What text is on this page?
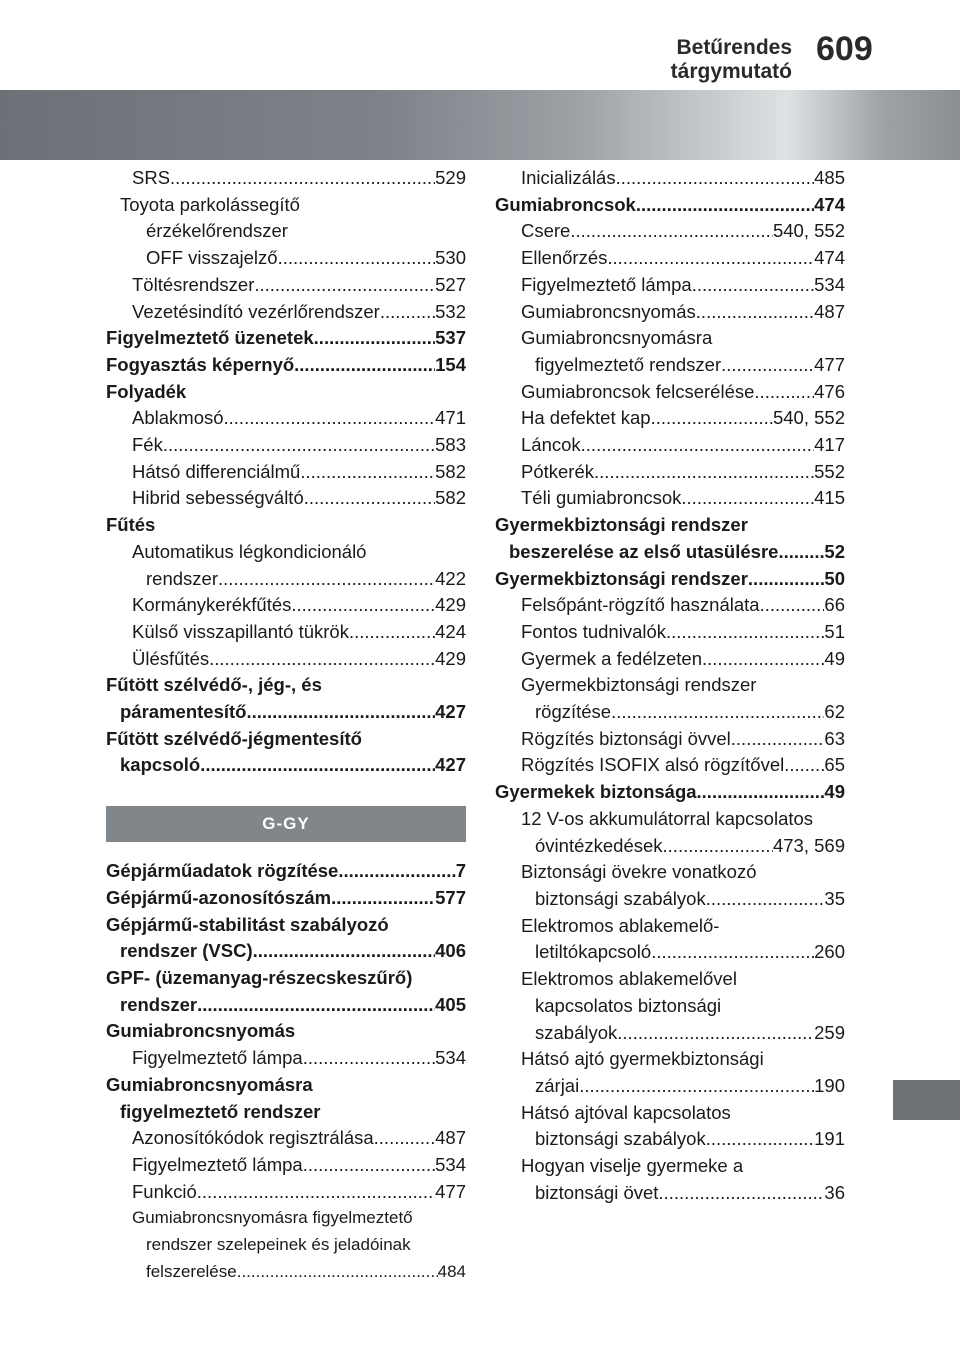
Betűrendes tárgymutató
609
SRS .....	529
Toyota parkolássegítő
érzékelőrendszer
OFF visszajelző .....	530
Töltésrendszer .....	527
Vezetésindító vezérlőrendszer .....	532
Figyelmeztető üzenetek .....	537
Fogyasztás képernyő .....	154
Folyadék
Ablakmosó .....	471
Fék .....	583
Hátsó differenciálmű .....	582
Hibrid sebességváltó .....	582
Fűtés
Automatikus légkondicionáló
rendszer .....	422
Kormánykerékfűtés .....	429
Külső visszapillantó tükrök .....	424
Ülésfűtés .....	429
Fűtött szélvédő-, jég-, és
páramentesítő .....	427
Fűtött szélvédő-jégmentesítő
kapcsoló .....	427
G-GY
Gépjárműadatok rögzítése .....	7
Gépjármű-azonosítószám .....	577
Gépjármű-stabilitást szabályozó
rendszer (VSC) .....	406
GPF- (üzemanyag-részecskeszűrő)
rendszer .....	405
Gumiabroncsnyomás
Figyelmeztető lámpa .....	534
Gumiabroncsnyomásra
figyelmeztető rendszer
Azonosítókódok regisztrálása .....	487
Figyelmeztető lámpa .....	534
Funkció .....	477
Gumiabroncsnyomásra figyelmeztető
rendszer szelepeinek és jeladóinak
felszerelése .....	484
Inicializálás .....	485
Gumiabroncsok .....	474
Csere .....	540, 552
Ellenőrzés .....	474
Figyelmeztető lámpa .....	534
Gumiabroncsnyomás .....	487
Gumiabroncsnyomásra
figyelmeztető rendszer .....	477
Gumiabroncsok felcserélése .....	476
Ha defektet kap .....	540, 552
Láncok .....	417
Pótkerék .....	552
Téli gumiabroncsok .....	415
Gyermekbiztonsági rendszer
beszerelése az első utasülésre ..... 52
Gyermekbiztonsági rendszer .....	50
Felsőpánt-rögzítő használata .....	66
Fontos tudnivalók .....	51
Gyermek a fedélzeten .....	49
Gyermekbiztonsági rendszer
rögzítése .....	62
Rögzítés biztonsági övvel .....	63
Rögzítés ISOFIX alsó rögzítővel ..... 65
Gyermekek biztonsága .....	49
12 V-os akkumulátorral kapcsolatos
óvintézkedések .....	473, 569
Biztonsági övekre vonatkozó
biztonsági szabályok .....	35
Elektromos ablakemelő-
letiltókapcsoló .....	260
Elektromos ablakemelővel
kapcsolatos biztonsági
szabályok .....	259
Hátsó ajtó gyermekbiztonsági
zárjai .....	190
Hátsó ajtóval kapcsolatos
biztonsági szabályok .....	191
Hogyan viselje gyermeke a
biztonsági övet .....	36
